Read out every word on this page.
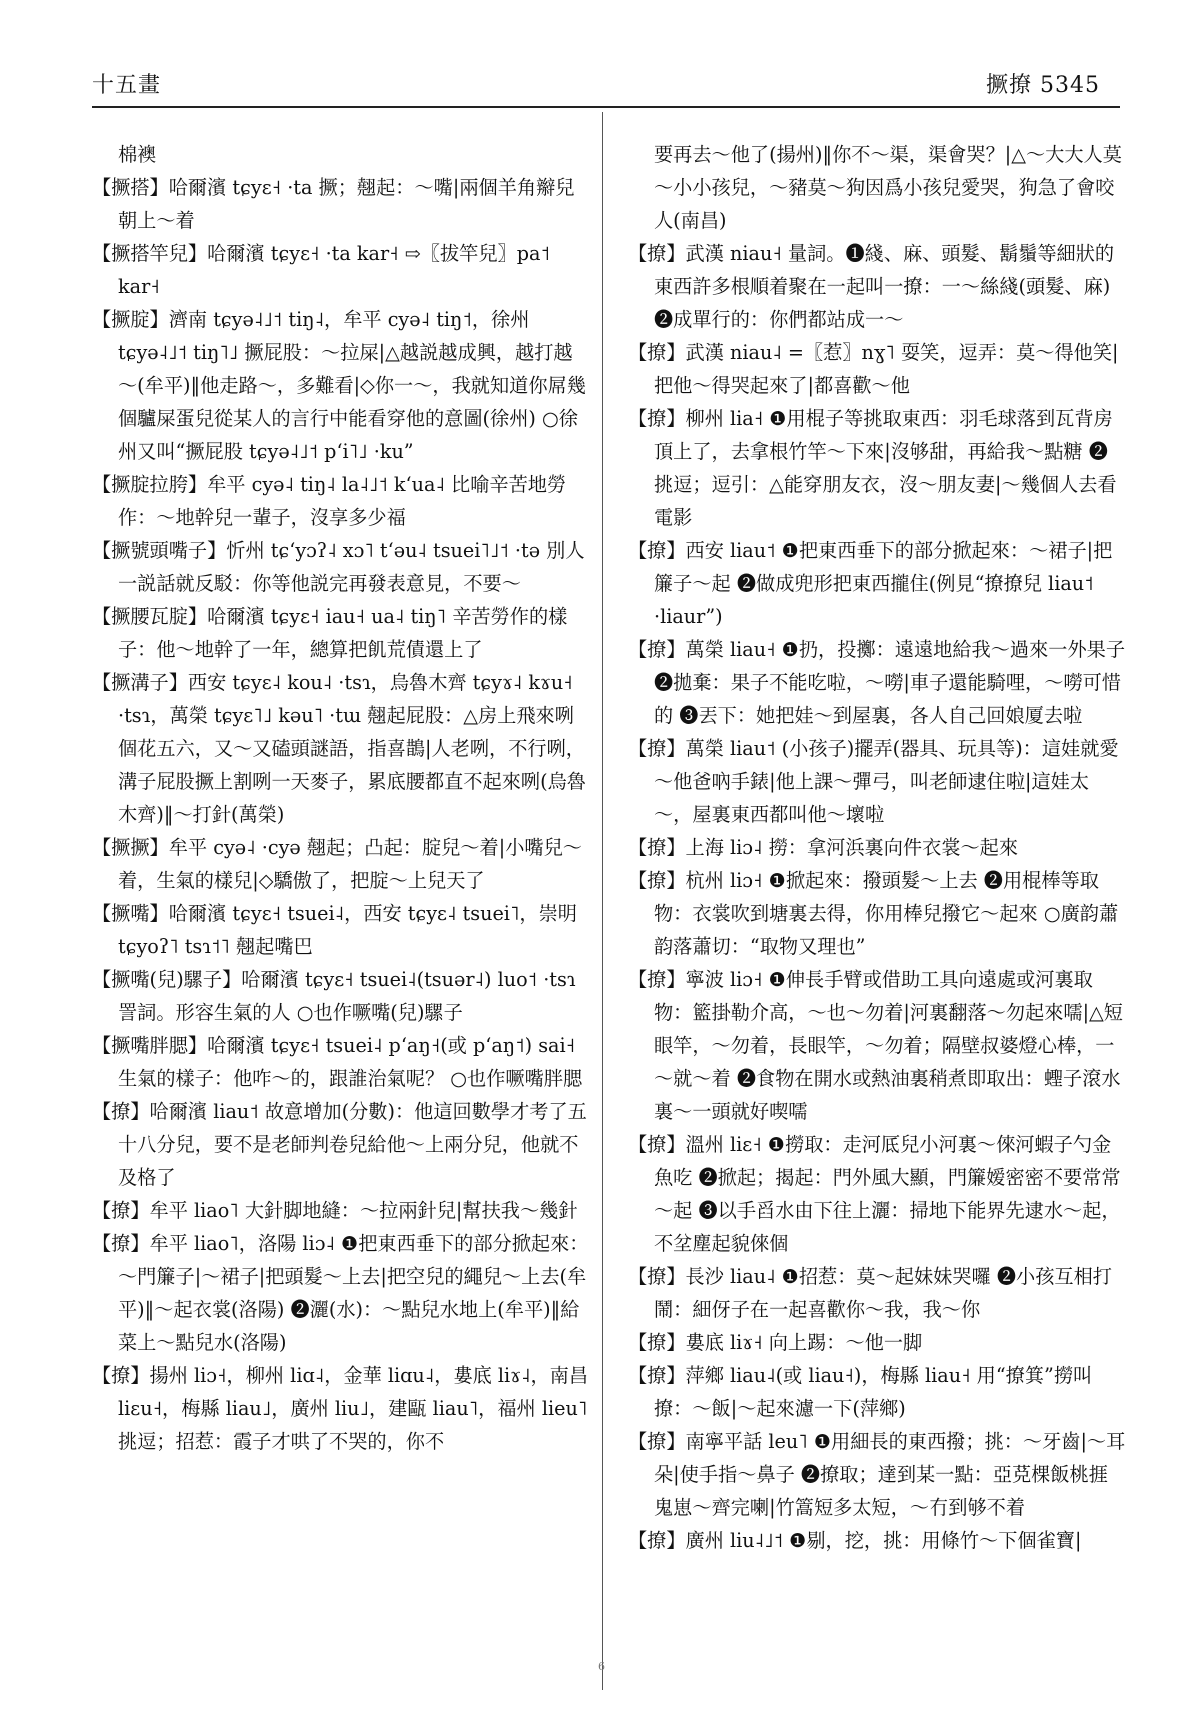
十五畫	撅撩 5345

棉襖

【撅搭】哈爾濱 tɕyɛ˧ ·ta 撅；翹起：～嘴|兩個羊角辮兒朝上～着

【撅搭竿兒】哈爾濱 tɕyɛ˧ ·ta kar˧ ⇨〖拔竿兒〗pa˦ kar˧

【撅腚】濟南 tɕyə˨˩˦ tiŋ˨，牟平 cyə˨ tiŋ˦，徐州 tɕyə˨˩˦ tiŋ˥˩ 撅屁股：～拉屎|△越説越成興，越打越～(牟平)‖他走路～，多難看|◇你一～，我就知道你屌幾個驢屎蛋兒從某人的言行中能看穿他的意圖(徐州) ○徐州又叫“撅屁股 tɕyə˨˩˦ pʻi˥˩ ·ku”

【撅腚拉胯】牟平 cyə˨ tiŋ˨ la˨˩˦ kʻua˨ 比喻辛苦地勞作：～地幹兒一輩子，沒享多少福

【撅號頭嘴子】忻州 tɕʻyɔʔ˨ xɔ˥ tʻəu˨ tsuei˥˩˦ ·tə 別人一説話就反駁：你等他説完再發表意見，不要～

【撅腰瓦腚】哈爾濱 tɕyɛ˧ iau˧ ua˨ tiŋ˥ 辛苦勞作的樣子：他～地幹了一年，總算把飢荒債還上了

【撅溝子】西安 tɕyɛ˨ kou˨ ·tsɿ，烏魯木齊 tɕyɤ˨ kɤu˧ ·tsɿ，萬榮 tɕyɛ˥˩ kəu˥ ·tɯ 翹起屁股：△房上飛來咧個花五六，又～又磕頭謎語，指喜鵲|人老咧，不行咧，溝子屁股撅上割咧一天麥子，累底腰都直不起來咧(烏魯木齊)‖～打針(萬榮)

【撅撅】牟平 cyə˨ ·cyə 翹起；凸起：腚兒～着|小嘴兒～着，生氣的樣兒|◇驕傲了，把腚～上兒天了

【撅嘴】哈爾濱 tɕyɛ˧ tsuei˨，西安 tɕyɛ˨ tsuei˥，崇明 tɕyoʔ˥ tsɿ˦˥ 翹起嘴巴

【撅嘴(兒)騾子】哈爾濱 tɕyɛ˧ tsuei˨(tsuər˨) luo˦ ·tsɿ 詈詞。形容生氣的人 ○也作噘嘴(兒)騾子

【撅嘴胖腮】哈爾濱 tɕyɛ˧ tsuei˨ pʻaŋ˧(或 pʻaŋ˦) sai˧ 生氣的樣子：他咋～的，跟誰治氣呢？ ○也作噘嘴胖腮

【撩】哈爾濱 liau˦ 故意增加(分數)：他這回數學才考了五十八分兒，要不是老師判卷兒給他～上兩分兒，他就不及格了

【撩】牟平 liao˥ 大針脚地縫：～拉兩針兒|幫扶我～幾針

【撩】牟平 liao˥，洛陽 liɔ˨ ❶把東西垂下的部分掀起來：～門簾子|～裙子|把頭髮～上去|把空兒的繩兒～上去(牟平)‖～起衣裳(洛陽) ❷灑(水)：～點兒水地上(牟平)‖給菜上～點兒水(洛陽)

【撩】揚州 liɔ˧，柳州 liɑ˨，金華 liɑu˨，婁底 liɤ˨，南昌 liɛu˧，梅縣 liau˩，廣州 liu˩，建甌 liau˥，福州 lieu˥ 挑逗；招惹：霞子才哄了不哭的，你不

要再去～他了(揚州)‖你不～渠，渠會哭？|△～大大人莫～小小孩兒，～豬莫～狗因爲小孩兒愛哭，狗急了會咬人(南昌)

【撩】武漢 niau˧ 量詞。❶綫、麻、頭髮、鬍鬚等細狀的東西許多根順着聚在一起叫一撩：一～絲綫(頭髮、麻) ❷成單行的：你們都站成一～

【撩】武漢 niau˨ =〖惹〗nɣ˥ 耍笑，逗弄：莫～得他笑|把他～得哭起來了|都喜歡～他

【撩】柳州 lia˧ ❶用棍子等挑取東西：羽毛球落到瓦背房頂上了，去拿根竹竿～下來|沒够甜，再給我～點糖 ❷挑逗；逗引：△能穿朋友衣，沒～朋友妻|～幾個人去看電影

【撩】西安 liau˦ ❶把東西垂下的部分掀起來：～裙子|把簾子～起 ❷做成兜形把東西攏住(例見“撩撩兒 liau˦ ·liaur”)

【撩】萬榮 liau˧ ❶扔，投擲：遠遠地給我～過來一外果子 ❷拋棄：果子不能吃啦，～嘮|車子還能騎哩，～嘮可惜的 ❸丟下：她把娃～到屋裏，各人自己回娘厦去啦

【撩】萬榮 liau˦ (小孩子)擺弄(器具、玩具等)：這娃就愛～他爸吶手錶|他上課～彈弓，叫老師逮住啦|這娃太～，屋裏東西都叫他～壞啦

【撩】上海 liɔ˨ 撈：拿河浜裏向件衣裳～起來

【撩】杭州 liɔ˧ ❶掀起來：撥頭髮～上去 ❷用棍棒等取物：衣裳吹到塘裏去得，你用棒兒撥它～起來 ○廣韵蕭韵落蕭切：“取物又理也”

【撩】寧波 liɔ˧ ❶伸長手臂或借助工具向遠處或河裏取物：籃掛勒介高，～也～勿着|河裏翻落～勿起來嚅|△短眼竿，～勿着，長眼竿，～勿着；隔壁叔婆燈心棒，一～就～着 ❷食物在開水或熱油裏稍煮即取出：蟶子滾水裏～一頭就好喫嚅

【撩】溫州 liɛ˧ ❶撈取：走河厎兒小河裏～倈河蝦子勺金魚吃 ❷掀起；揭起：門外風大顯，門簾嫒密密不要常常～起 ❸以手舀水由下往上灑：掃地下能界先逮水～起，不坌塵起貌倈個

【撩】長沙 liau˨ ❶招惹：莫～起妹妹哭囉 ❷小孩互相打鬧：細伢子在一起喜歡你～我，我～你

【撩】婁底 liɤ˧ 向上踢：～他一脚

【撩】萍鄉 liau˨(或 liau˧)，梅縣 liau˧ 用“撩箕”撈叫撩：～飯|～起來濾一下(萍鄉)

【撩】南寧平話 leu˥ ❶用細長的東西撥；挑：～牙齒|～耳朵|使手指～鼻子 ❷撩取；達到某一點：亞莌棵飯桃捱鬼崽～齊完喇|竹篙短多太短，～冇到够不着

【撩】廣州 liu˨˩˦ ❶剔，挖，挑：用條竹～下個雀寶|

6
